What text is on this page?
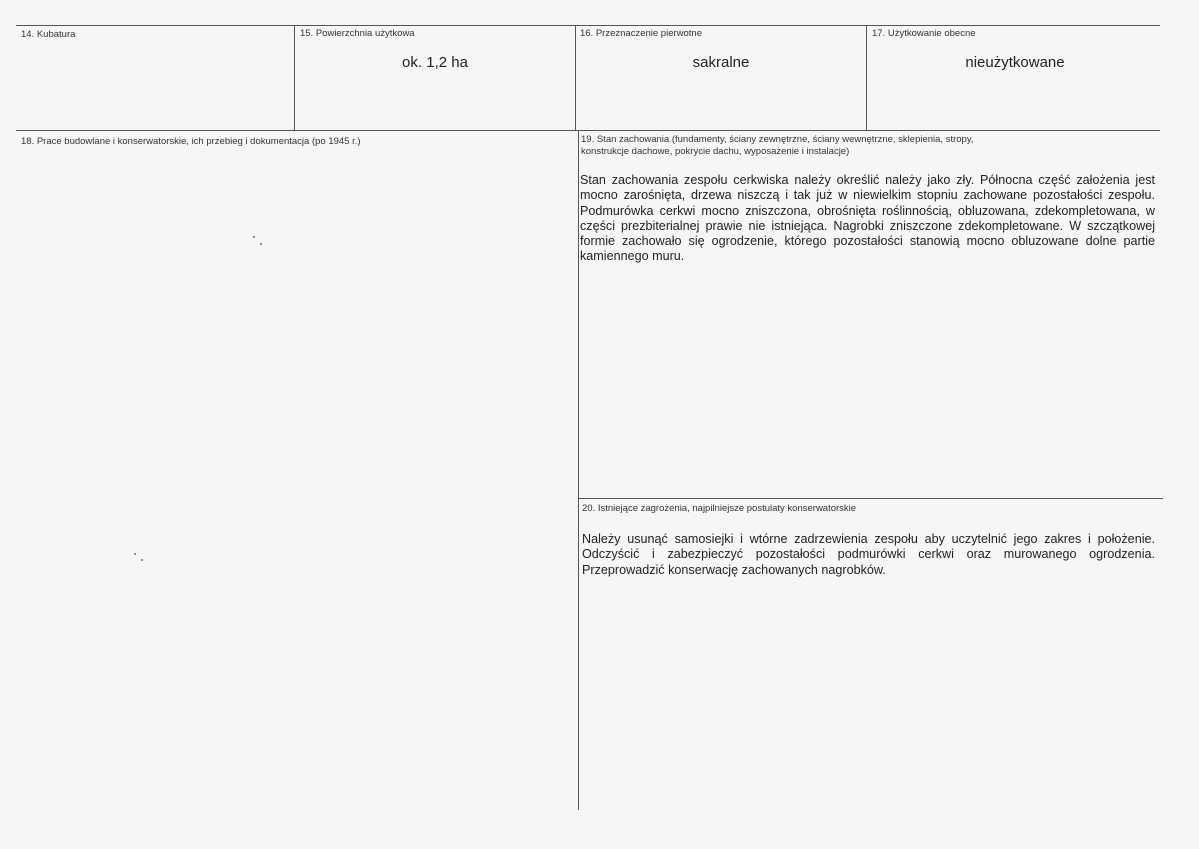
14. Kubatura	15. Powierzchnia użytkowa
ok. 1,2 ha
16. Przeznaczenie pierwotne
sakralne
17. Użytkowanie obecne
nieużytkowane
18. Prace budowlane i konserwatorskie, ich przebieg i dokumentacja (po 1945 r.)	19. Stan zachowania (fundamenty, ściany zewnętrzne, ściany wewnętrzne, sklepienia, stropy,
konstrukcje dachowe, pokrycie dachu, wyposażenie i instalacje)
Stan zachowania zespołu cerkwiska należy określić należy jako zły. Północna część założenia jest mocno zarośnięta, drzewa niszczą i tak już w niewielkim stopniu zachowane pozostałości zespołu. Podmurówka cerkwi mocno zniszczona, obrośnięta roślinnością, obluzowana, zdekompletowana, w części prezbiterialnej prawie nie istniejąca. Nagrobki zniszczone zdekompletowane. W szczątkowej formie zachowało się ogrodzenie, którego pozostałości stanowią mocno obluzowane dolne partie kamiennego muru.
20. Istniejące zagrożenia, najpilniejsze postulaty konserwatorskie
Należy usunąć samosiejki i wtórne zadrzewienia zespołu aby uczytelnić jego zakres i położenie. Odczyścić i zabezpieczyć pozostałości podmurówki cerkwi oraz murowanego ogrodzenia. Przeprowadzić konserwację zachowanych nagrobków.
